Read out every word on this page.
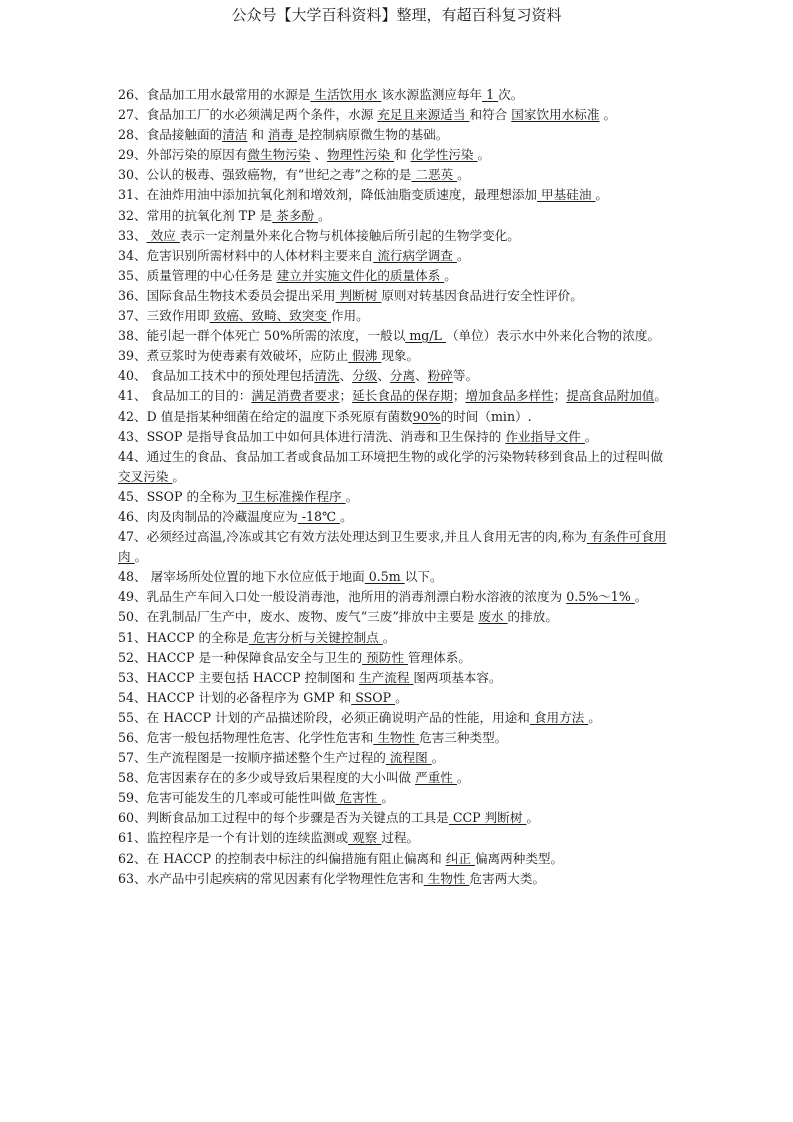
公众号【大学百科资料】整理，有超百科复习资料

26、食品加工用水最常用的水源是 生活饮用水 该水源监测应每年 1 次。

27、食品加工厂的水必须满足两个条件，水源 充足且来源适当 和符合 国家饮用水标准 。

28、食品接触面的清洁 和 消毒 是控制病原微生物的基础。

29、外部污染的原因有微生物污染 、物理性污染 和 化学性污染 。

30、公认的极毒、强致癌物，有“世纪之毒”之称的是 二恶英 。

31、在油炸用油中添加抗氧化剂和增效剂，降低油脂变质速度，最理想添加 甲基硅油 。

32、常用的抗氧化剂 TP 是 茶多酚 。

33、 效应 表示一定剂量外来化合物与机体接触后所引起的生物学变化。

34、危害识别所需材料中的人体材料主要来自 流行病学调查 。

35、质量管理的中心任务是 建立并实施文件化的质量体系 。

36、国际食品生物技术委员会提出采用 判断树 原则对转基因食品进行安全性评价。

37、三致作用即 致癌、致畸、致突变 作用。

38、能引起一群个体死亡 50%所需的浓度，一般以 mg/L （单位）表示水中外来化合物的浓度。

39、煮豆浆时为使毒素有效破坏，应防止 假沸 现象。

40、 食品加工技术中的预处理包括清洗、分级、分离、粉碎等。

41、 食品加工的目的：满足消费者要求；延长食品的保存期；增加食品多样性；提高食品附加值。

42、D 值是指某种细菌在给定的温度下杀死原有菌数90%的时间（min）.

43、SSOP 是指导食品加工中如何具体进行清洗、消毒和卫生保持的 作业指导文件 。

44、通过生的食品、食品加工者或食品加工环境把生物的或化学的污染物转移到食品上的过程叫做 交叉污染 。

45、SSOP 的全称为 卫生标准操作程序 。

46、肉及肉制品的冷藏温度应为 -18℃ 。

47、必须经过高温,冷冻或其它有效方法处理达到卫生要求,并且人食用无害的肉,称为 有条件可食用肉 。

48、 屠宰场所处位置的地下水位应低于地面 0.5m 以下。

49、乳品生产车间入口处一般设消毒池，池所用的消毒剂漂白粉水溶液的浓度为 0.5%～1% 。

50、在乳制品厂生产中，废水、废物、废气“三废”排放中主要是 废水 的排放。

51、HACCP 的全称是 危害分析与关键控制点 。

52、HACCP 是一种保障食品安全与卫生的 预防性 管理体系。

53、HACCP 主要包括 HACCP 控制图和 生产流程 图两项基本容。

54、HACCP 计划的必备程序为 GMP 和 SSOP 。

55、在 HACCP 计划的产品描述阶段，必须正确说明产品的性能，用途和 食用方法 。

56、危害一般包括物理性危害、化学性危害和 生物性 危害三种类型。

57、生产流程图是一按顺序描述整个生产过程的 流程图 。

58、危害因素存在的多少或导致后果程度的大小叫做 严重性 。

59、危害可能发生的几率或可能性叫做 危害性 。

60、判断食品加工过程中的每个步骤是否为关键点的工具是 CCP 判断树 。

61、监控程序是一个有计划的连续监测或 观察 过程。

62、在 HACCP 的控制表中标注的纠偏措施有阻止偏离和 纠正 偏离两种类型。

63、水产品中引起疾病的常见因素有化学物理性危害和 生物性 危害两大类。
